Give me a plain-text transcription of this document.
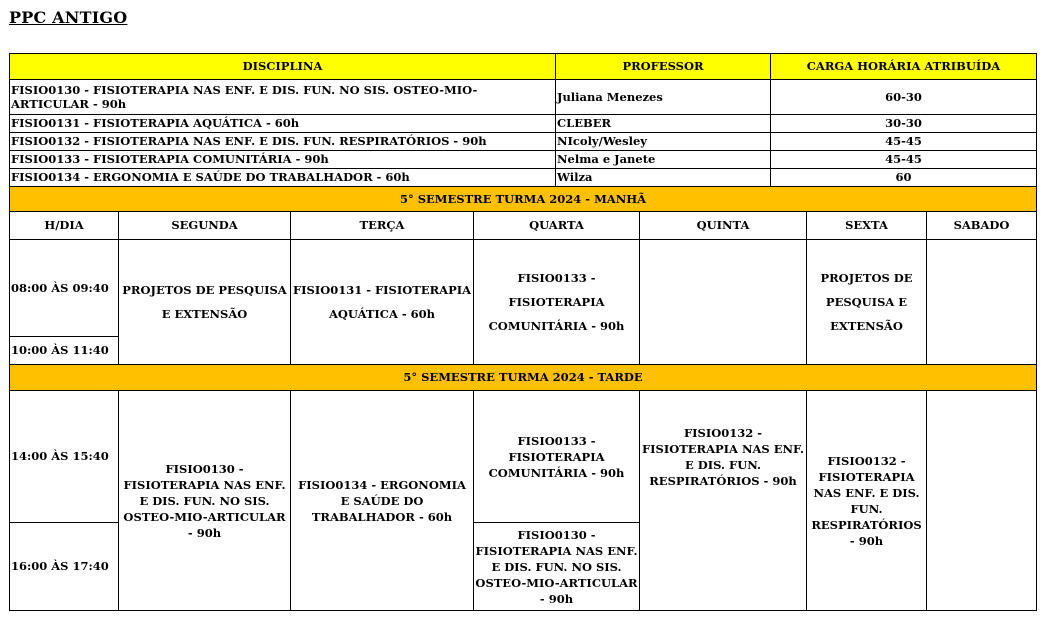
PPC ANTIGO
DISCIPLINA	PROFESSOR	CARGA HORÁRIA ATRIBUÍDA
FISIO0130 - FISIOTERAPIA NAS ENF. E DIS. FUN. NO SIS. OSTEO-MIO-ARTICULAR - 90h	Juliana Menezes	60-30
FISIO0131 - FISIOTERAPIA AQUÁTICA - 60h	CLEBER	30-30
FISIO0132 - FISIOTERAPIA NAS ENF. E DIS. FUN. RESPIRATÓRIOS - 90h	NIcoly/Wesley	45-45
FISIO0133 - FISIOTERAPIA COMUNITÁRIA - 90h	Nelma e Janete	45-45
FISIO0134 - ERGONOMIA E SAÚDE DO TRABALHADOR - 60h	Wilza	60
5° SEMESTRE TURMA 2024 - MANHÃ						
H/DIA	SEGUNDA	TERÇA	QUARTA	QUINTA	SEXTA	SABADO
08:00 ÀS 09:40	PROJETOS DE PESQUISA E EXTENSÃO	FISIO0131 - FISIOTERAPIA AQUÁTICA - 60h	FISIO0133 - FISIOTERAPIA COMUNITÁRIA - 90h		PROJETOS DE PESQUISA E EXTENSÃO	
10:00 ÀS 11:40						
5° SEMESTRE TURMA 2024 - TARDE						
14:00 ÀS 15:40	FISIO0130 - FISIOTERAPIA NAS ENF. E DIS. FUN. NO SIS. OSTEO-MIO-ARTICULAR - 90h	FISIO0134 - ERGONOMIA E SAÚDE DO TRABALHADOR - 60h	FISIO0133 - FISIOTERAPIA COMUNITÁRIA - 90h	FISIO0132 - FISIOTERAPIA NAS ENF. E DIS. FUN. RESPIRATÓRIOS - 90h	FISIO0132 - FISIOTERAPIA NAS ENF. E DIS. FUN. RESPIRATÓRIOS - 90h	
16:00 ÀS 17:40			FISIO0130 - FISIOTERAPIA NAS ENF. E DIS. FUN. NO SIS. OSTEO-MIO-ARTICULAR - 90h			
